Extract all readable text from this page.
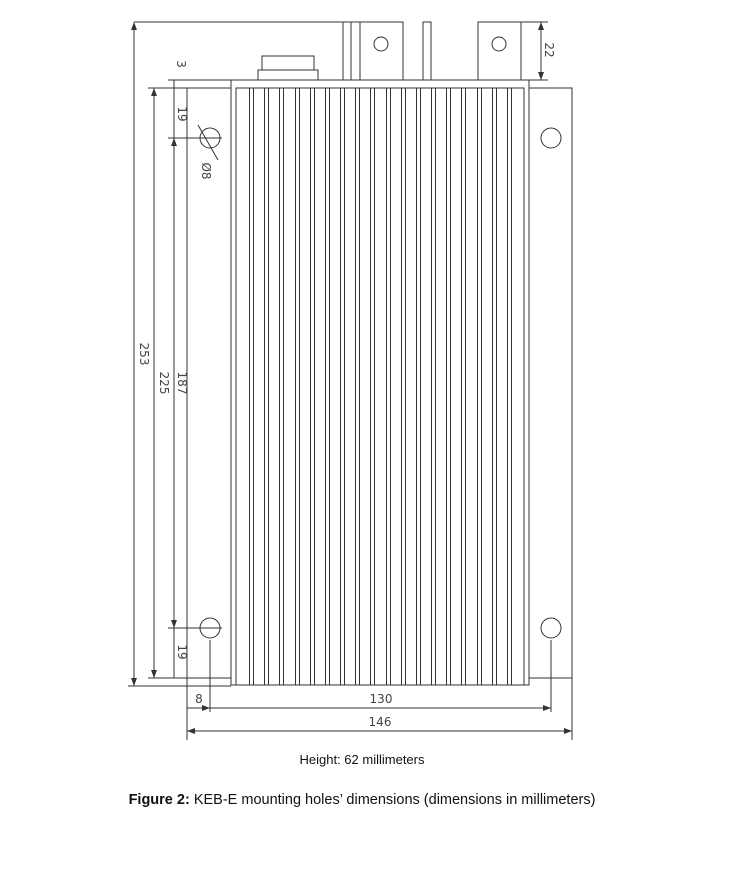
253
225 187
3
19
19
22
Ø8
8	130
146
Height: 62 millimeters
Figure 2: KEB-E mounting holes’ dimensions (dimensions in millimeters)
